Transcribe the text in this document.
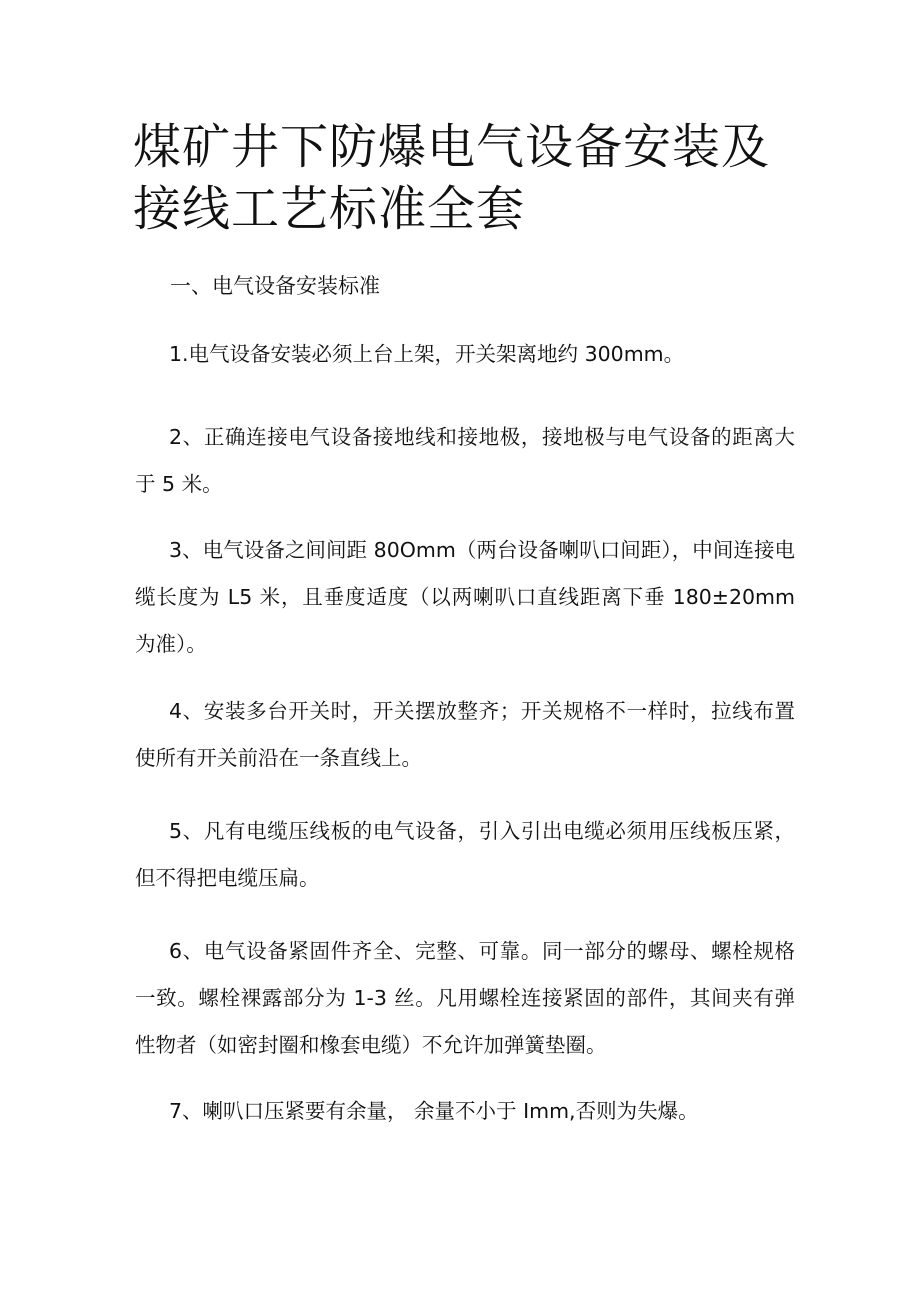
煤矿井下防爆电气设备安装及接线工艺标准全套

一、电气设备安装标准

1.电气设备安装必须上台上架，开关架离地约 300mm。

2、正确连接电气设备接地线和接地极，接地极与电气设备的距离大于 5 米。

3、电气设备之间间距 80Omm（两台设备喇叭口间距），中间连接电缆长度为 L5 米，且垂度适度（以两喇叭口直线距离下垂 180±20mm 为准）。

4、安装多台开关时，开关摆放整齐；开关规格不一样时，拉线布置使所有开关前沿在一条直线上。

5、凡有电缆压线板的电气设备，引入引出电缆必须用压线板压紧，但不得把电缆压扁。

6、电气设备紧固件齐全、完整、可靠。同一部分的螺母、螺栓规格一致。螺栓裸露部分为 1-3 丝。凡用螺栓连接紧固的部件，其间夹有弹性物者（如密封圈和橡套电缆）不允许加弹簧垫圈。

7、喇叭口压紧要有余量， 余量不小于 Imm,否则为失爆。
